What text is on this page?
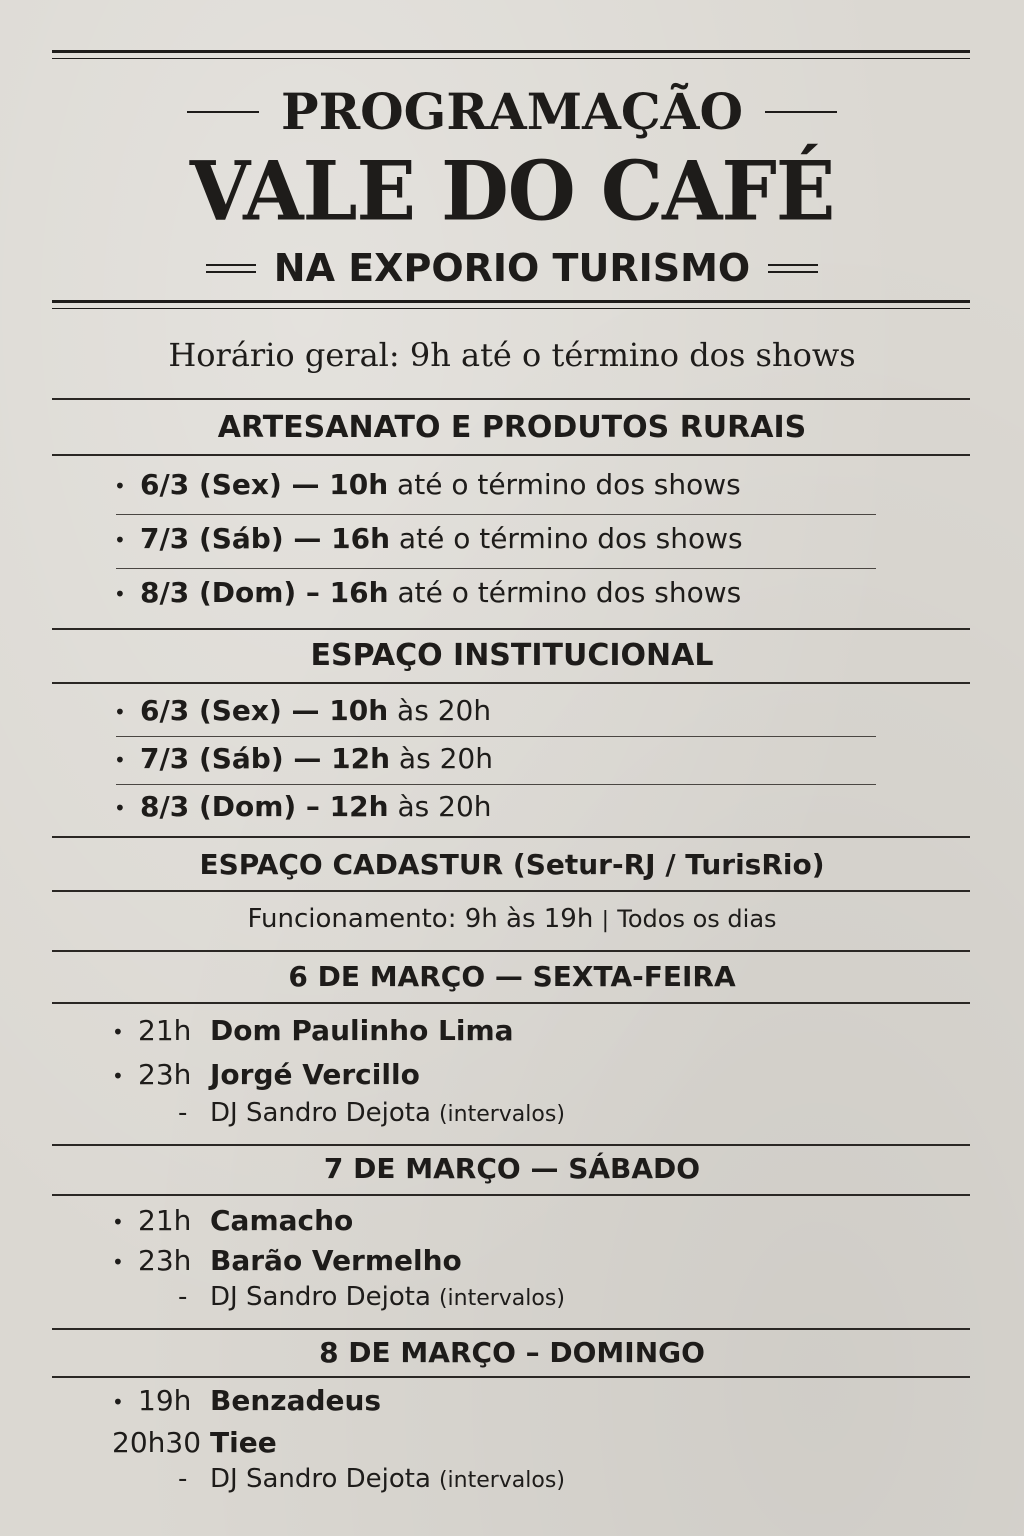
PROGRAMAÇÃO
VALE DO CAFÉ
NA EXPORIO TURISMO
Horário geral: 9h até o término dos shows
ARTESANATO E PRODUTOS RURAIS
• 6/3 (Sex) — 10h até o término dos shows
• 7/3 (Sáb) — 16h até o término dos shows
• 8/3 (Dom) – 16h até o término dos shows
ESPAÇO INSTITUCIONAL
• 6/3 (Sex) — 10h às 20h
• 7/3 (Sáb) — 12h às 20h
• 8/3 (Dom) – 12h às 20h
ESPAÇO CADASTUR (Setur-RJ / TurisRio)
Funcionamento: 9h às 19h | Todos os dias
6 DE MARÇO — SEXTA-FEIRA
• 21h Dom Paulinho Lima
• 23h Jorgé Vercillo
- DJ Sandro Dejota (intervalos)
7 DE MARÇO — SÁBADO
• 21h Camacho
• 23h Barão Vermelho
- DJ Sandro Dejota (intervalos)
8 DE MARÇO – DOMINGO
• 19h Benzadeus
20h30 Tiee
- DJ Sandro Dejota (intervalos)
